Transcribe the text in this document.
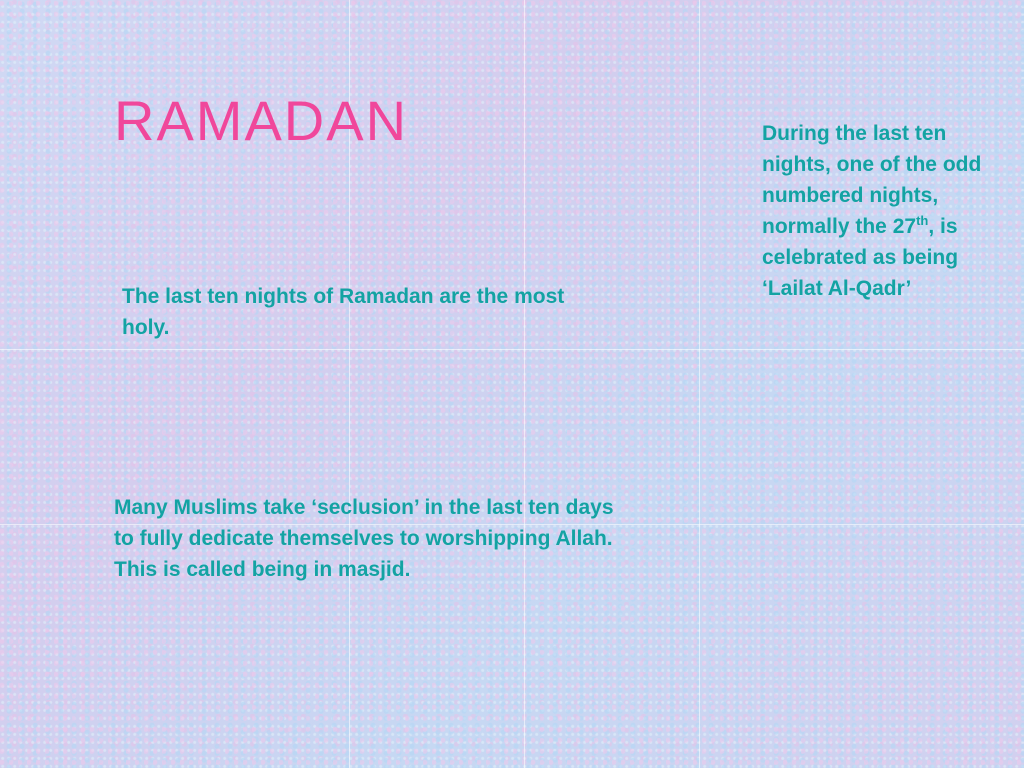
RAMADAN

The last ten nights of Ramadan are the most holy.

During the last ten nights, one of the odd numbered nights, normally the 27th, is celebrated as being ‘Lailat Al-Qadr’

Many Muslims take ‘seclusion’ in the last ten days to fully dedicate themselves to worshipping Allah. This is called being in masjid.
